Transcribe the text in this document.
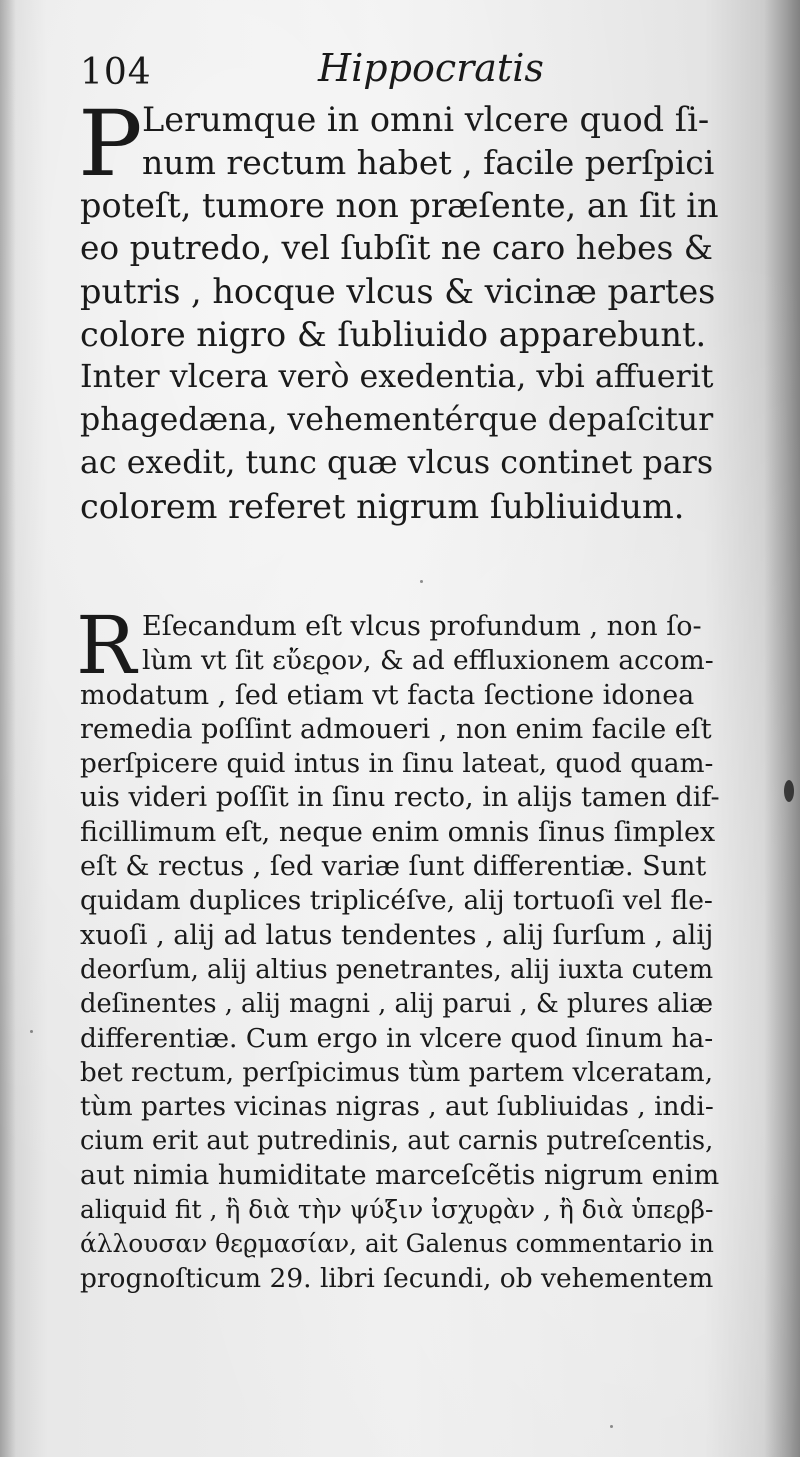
104	Hippocratis
P Lerumque in omni vlcere quod ſi-
num rectum habet , facile perſpici
poteſt, tumore non præſente, an ſit in
eo putredo, vel ſubſit ne caro hebes &
putris , hocque vlcus & vicinæ partes
colore nigro & ſubliuido apparebunt.
Inter vlcera verò exedentia, vbi affuerit
phagedæna, vehementérque depaſcitur
ac exedit, tunc quæ vlcus continet pars
colorem referet nigrum ſubliuidum.
R Eſecandum eſt vlcus profundum , non ſo-
lùm vt ſit εὔεϱον, & ad effluxionem accom-
modatum , ſed etiam vt facta ſectione idonea
remedia poſſint admoueri , non enim facile eſt
perſpicere quid intus in ſinu lateat, quod quam-
uis videri poſſit in ſinu recto, in aliјs tamen dif-
ficillimum eſt, neque enim omnis ſinus ſimplex
eſt & rectus , ſed variæ ſunt differentiæ. Sunt
quidam duplices triplicéſve, aliј tortuoſi vel fle-
xuoſi , aliј ad latus tendentes , aliј ſurſum , aliј
deorſum, aliј altius penetrantes, aliј iuxta cutem
deſinentes , aliј magni , aliј parui , & plures aliæ
differentiæ. Cum ergo in vlcere quod ſinum ha-
bet rectum, perſpicimus tùm partem vlceratam,
tùm partes vicinas nigras , aut ſubliuidas , indi-
cium erit aut putredinis, aut carnis putreſcentis,
aut nimia humiditate marceſcẽtis nigrum enim
aliquid fit , ἢ διὰ τὴν ψύξιν ἰσχυϱὰν , ἢ διὰ ὑπεϱβ-
άλλουσαν θεϱμασίαν, ait Galenus commentario in
prognoſticum 29. libri ſecundi, ob vehementem
